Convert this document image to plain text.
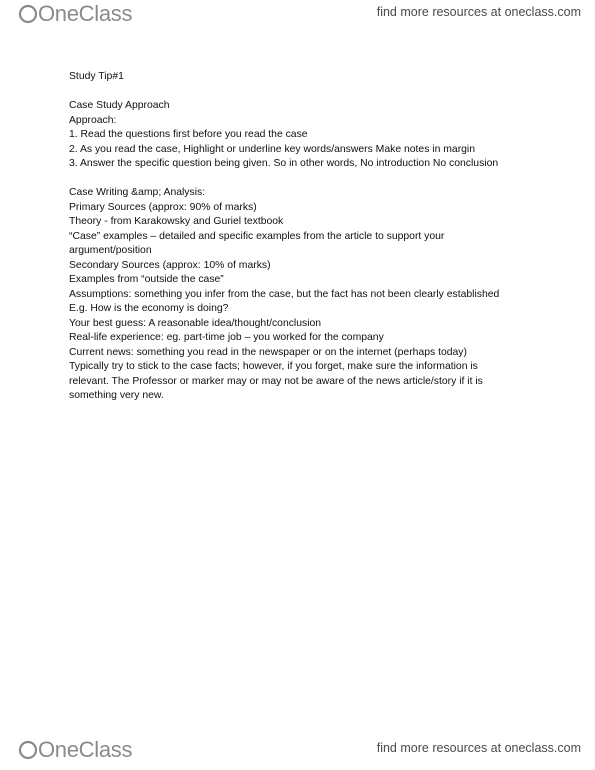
OneClass	find more resources at oneclass.com
Study Tip#1
Case Study Approach
Approach:
1. Read the questions first before you read the case
2. As you read the case, Highlight or underline key words/answers Make notes in margin
3. Answer the specific question being given. So in other words, No introduction No conclusion
Case Writing &amp; Analysis:
Primary Sources (approx: 90% of marks)
Theory - from Karakowsky and Guriel textbook
“Case” examples – detailed and specific examples from the article to support your
argument/position
Secondary Sources (approx: 10% of marks)
Examples from “outside the case”
Assumptions: something you infer from the case, but the fact has not been clearly established
E.g. How is the economy is doing?
Your best guess: A reasonable idea/thought/conclusion
Real-life experience: eg. part-time job – you worked for the company
Current news: something you read in the newspaper or on the internet (perhaps today)
Typically try to stick to the case facts; however, if you forget, make sure the information is
relevant. The Professor or marker may or may not be aware of the news article/story if it is
something very new.
OneClass	find more resources at oneclass.com
